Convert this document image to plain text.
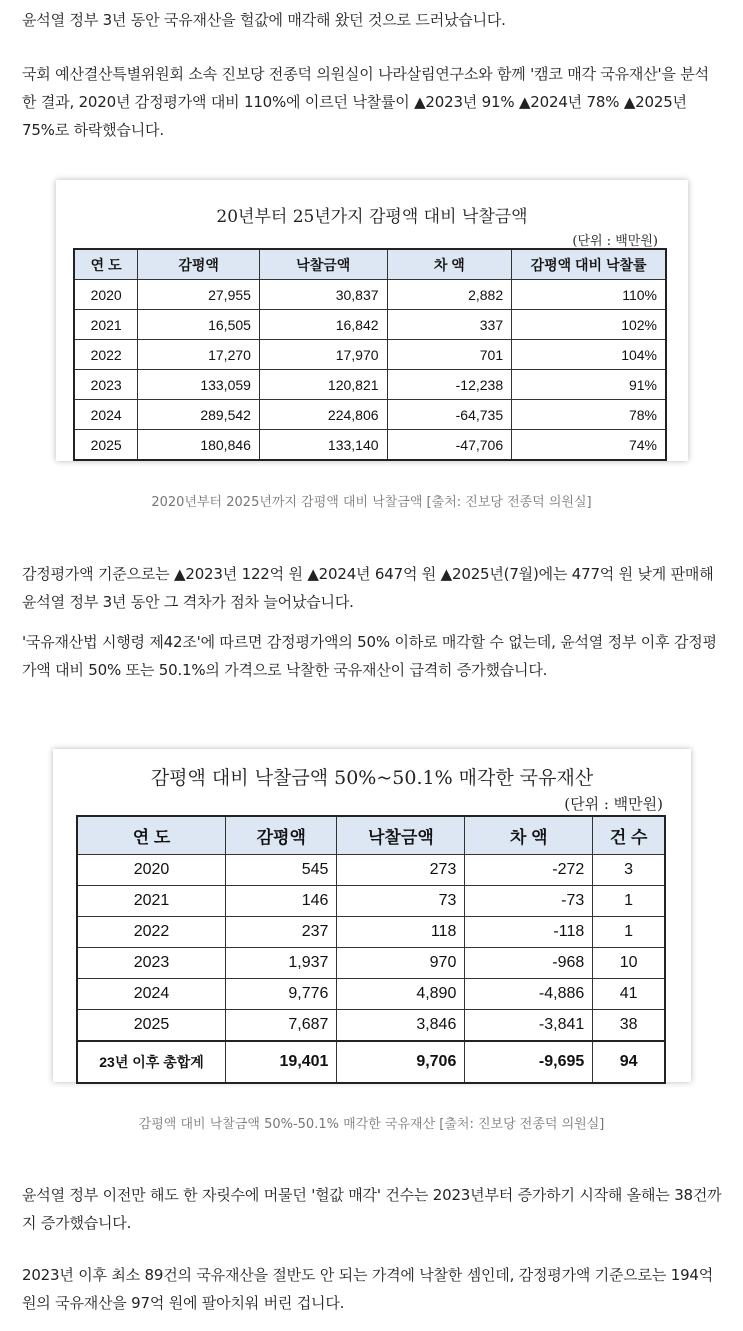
윤석열 정부 3년 동안 국유재산을 헐값에 매각해 왔던 것으로 드러났습니다.

국회 예산결산특별위원회 소속 진보당 전종덕 의원실이 나라살림연구소와 함께 '캠코 매각 국유재산'을 분석한 결과, 2020년 감정평가액 대비 110%에 이르던 낙찰률이 ▲2023년 91% ▲2024년 78% ▲2025년 75%로 하락했습니다.

20년부터 25년가지 감평액 대비 낙찰금액
(단위 : 백만원)
연 도	감평액	낙찰금액	차 액	감평액 대비 낙찰률
2020	27,955	30,837	2,882	110%
2021	16,505	16,842	337	102%
2022	17,270	17,970	701	104%
2023	133,059	120,821	-12,238	91%
2024	289,542	224,806	-64,735	78%
2025	180,846	133,140	-47,706	74%
2020년부터 2025년까지 감평액 대비 낙찰금액 [출처: 진보당 전종덕 의원실]

감정평가액 기준으로는 ▲2023년 122억 원 ▲2024년 647억 원 ▲2025년(7월)에는 477억 원 낮게 판매해 윤석열 정부 3년 동안 그 격차가 점차 늘어났습니다.

'국유재산법 시행령 제42조'에 따르면 감정평가액의 50% 이하로 매각할 수 없는데, 윤석열 정부 이후 감정평가액 대비 50% 또는 50.1%의 가격으로 낙찰한 국유재산이 급격히 증가했습니다.

감평액 대비 낙찰금액 50%~50.1% 매각한 국유재산
(단위 : 백만원)
연 도	감평액	낙찰금액	차 액	건 수
2020	545	273	-272	3
2021	146	73	-73	1
2022	237	118	-118	1
2023	1,937	970	-968	10
2024	9,776	4,890	-4,886	41
2025	7,687	3,846	-3,841	38
23년 이후 총합계	19,401	9,706	-9,695	94
감평액 대비 낙찰금액 50%-50.1% 매각한 국유재산 [출처: 진보당 전종덕 의원실]

윤석열 정부 이전만 해도 한 자릿수에 머물던 '헐값 매각' 건수는 2023년부터 증가하기 시작해 올해는 38건까지 증가했습니다.

2023년 이후 최소 89건의 국유재산을 절반도 안 되는 가격에 낙찰한 셈인데, 감정평가액 기준으로는 194억 원의 국유재산을 97억 원에 팔아치워 버린 겁니다.
